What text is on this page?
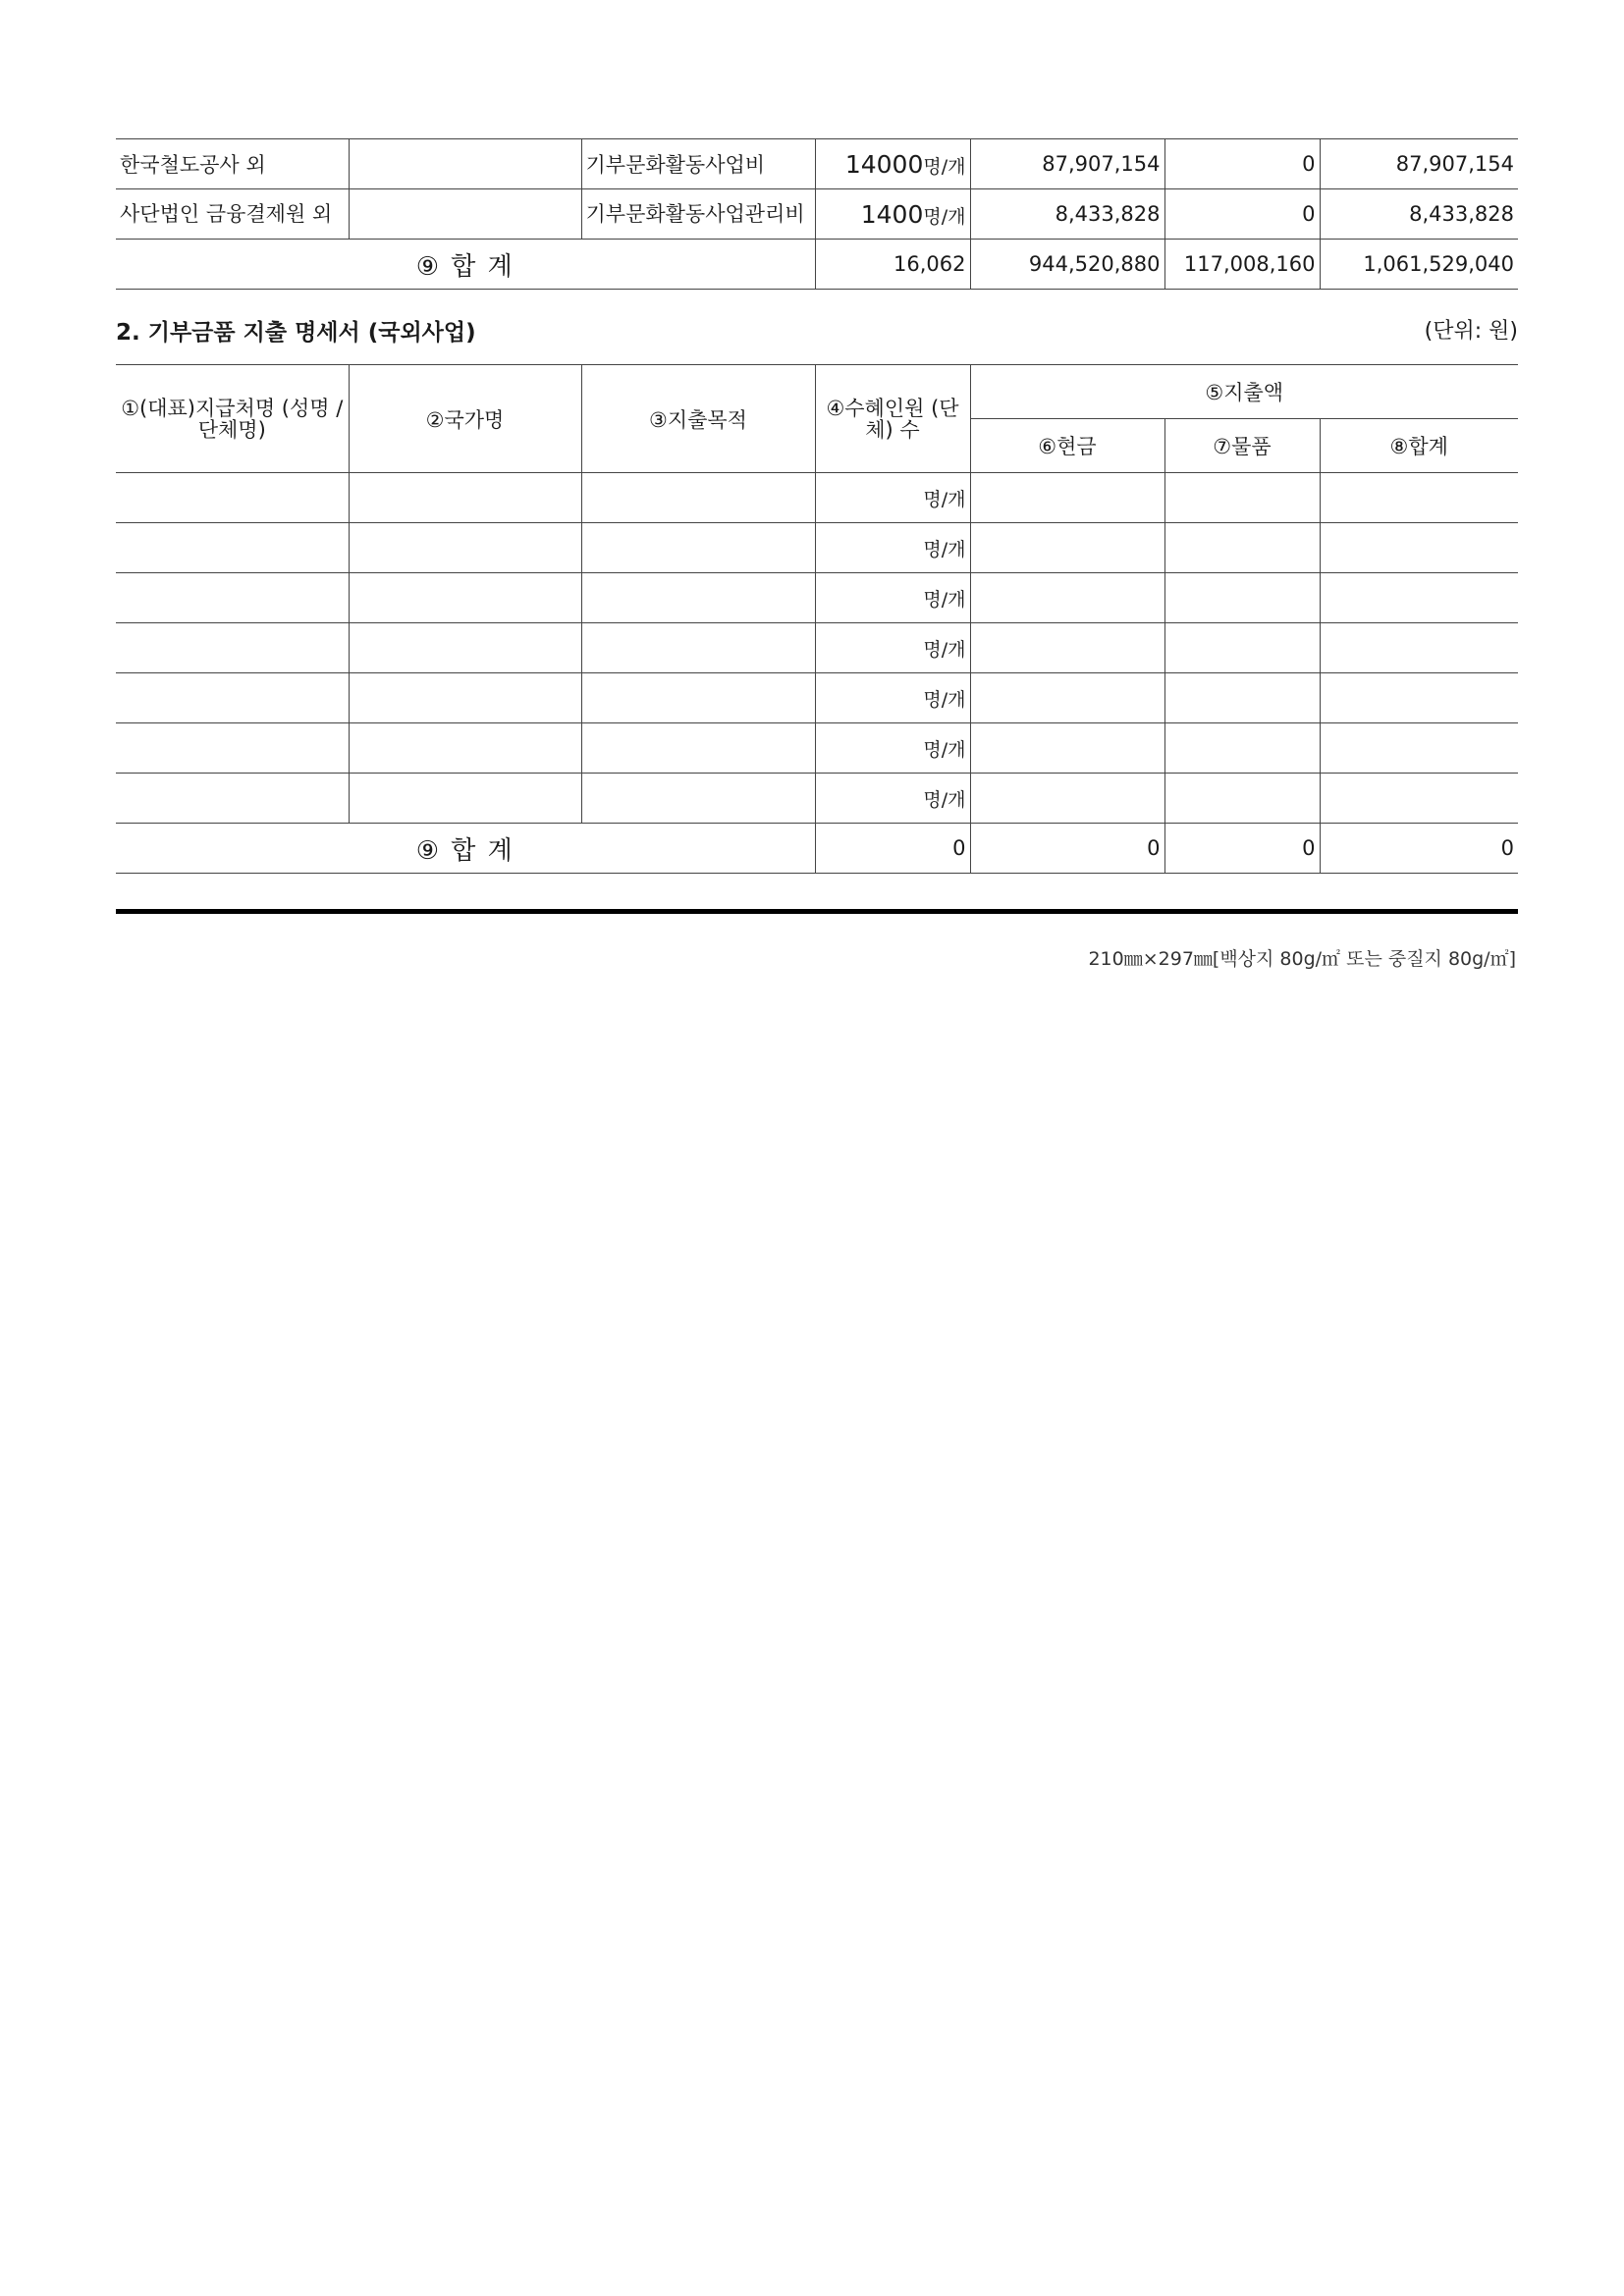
한국철도공사 외		기부문화활동사업비	14000명/개	87,907,154	0	87,907,154
사단법인 금융결제원 외		기부문화활동사업관리비	1400명/개	8,433,828	0	8,433,828
⑨ 합 계			16,062	944,520,880	117,008,160	1,061,529,040
2. 기부금품 지출 명세서 (국외사업)	(단위: 원)
①(대표)지급처명 (성명 / 단체명)	②국가명	③지출목적	④수혜인원 (단체) 수	⑤지출액		
				⑥현금	⑦물품	⑧합계
			명/개			
			명/개			
			명/개			
			명/개			
			명/개			
			명/개			
			명/개			
⑨ 합 계			0	0	0	0
210㎜×297㎜[백상지 80g/㎡ 또는 중질지 80g/㎡]
